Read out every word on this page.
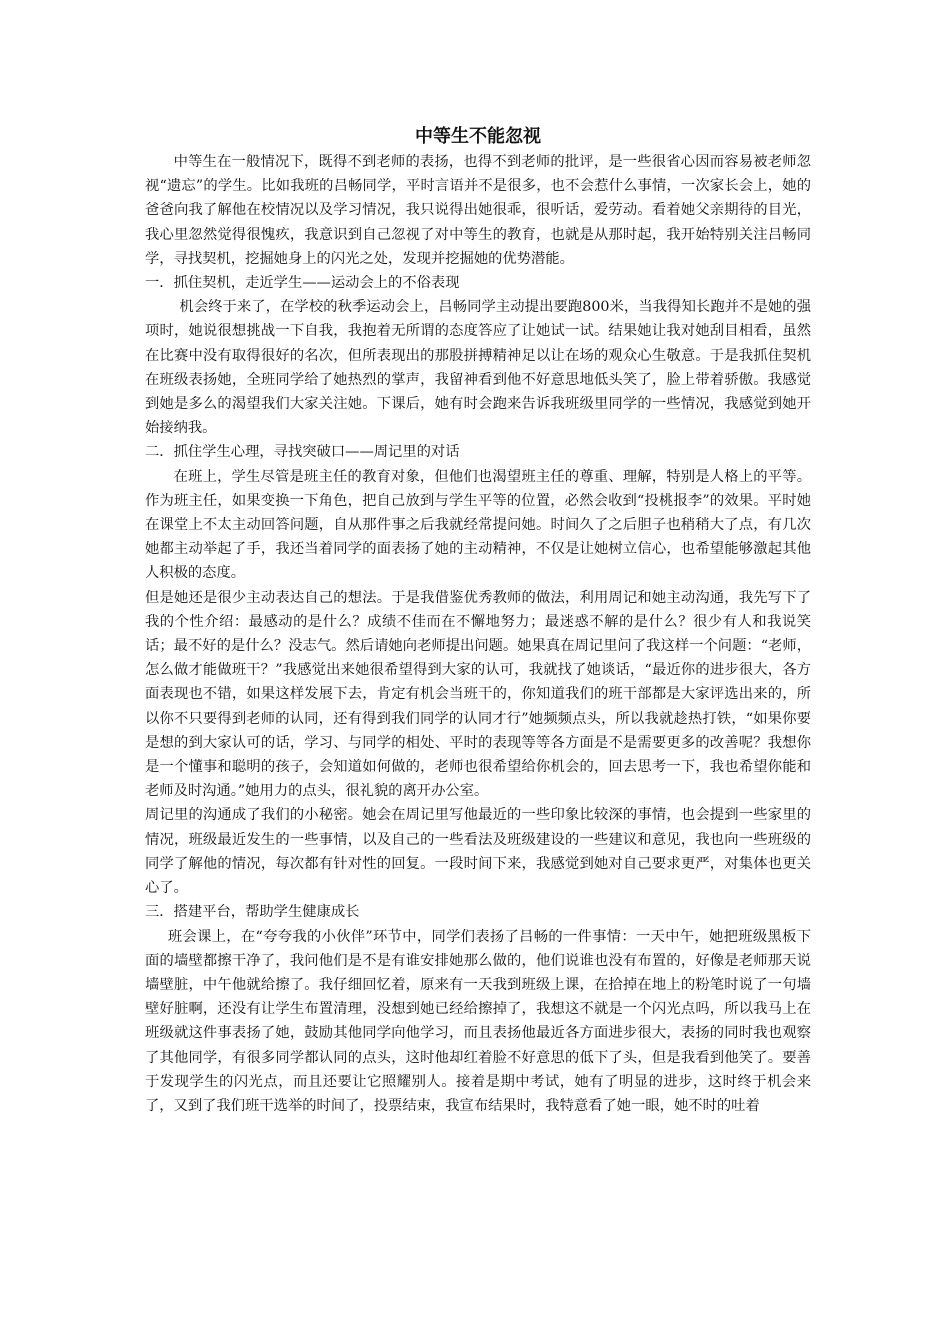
中等生不能忽视

中等生在一般情况下，既得不到老师的表扬，也得不到老师的批评，是一些很省心因而容易被老师忽视“遗忘”的学生。比如我班的吕畅同学，平时言语并不是很多，也不会惹什么事情，一次家长会上，她的爸爸向我了解他在校情况以及学习情况，我只说得出她很乖，很听话，爱劳动。看着她父亲期待的目光，我心里忽然觉得很愧疚，我意识到自己忽视了对中等生的教育，也就是从那时起，我开始特别关注吕畅同学，寻找契机，挖掘她身上的闪光之处，发现并挖掘她的优势潜能。

一．抓住契机，走近学生——运动会上的不俗表现

机会终于来了，在学校的秋季运动会上，吕畅同学主动提出要跑800米，当我得知长跑并不是她的强项时，她说很想挑战一下自我，我抱着无所谓的态度答应了让她试一试。结果她让我对她刮目相看，虽然在比赛中没有取得很好的名次，但所表现出的那股拼搏精神足以让在场的观众心生敬意。于是我抓住契机在班级表扬她，全班同学给了她热烈的掌声，我留神看到他不好意思地低头笑了，脸上带着骄傲。我感觉到她是多么的渴望我们大家关注她。下课后，她有时会跑来告诉我班级里同学的一些情况，我感觉到她开始接纳我。

二．抓住学生心理，寻找突破口——周记里的对话

在班上，学生尽管是班主任的教育对象，但他们也渴望班主任的尊重、理解，特别是人格上的平等。作为班主任，如果变换一下角色，把自己放到与学生平等的位置，必然会收到“投桃报李”的效果。平时她在课堂上不太主动回答问题，自从那件事之后我就经常提问她。时间久了之后胆子也稍稍大了点，有几次她都主动举起了手，我还当着同学的面表扬了她的主动精神，不仅是让她树立信心，也希望能够激起其他人积极的态度。

但是她还是很少主动表达自己的想法。于是我借鉴优秀教师的做法，利用周记和她主动沟通，我先写下了我的个性介绍：最感动的是什么？成绩不佳而在不懈地努力；最迷惑不解的是什么？很少有人和我说笑话；最不好的是什么？没志气。然后请她向老师提出问题。她果真在周记里问了我这样一个问题：“老师，怎么做才能做班干？”我感觉出来她很希望得到大家的认可，我就找了她谈话，“最近你的进步很大，各方面表现也不错，如果这样发展下去，肯定有机会当班干的，你知道我们的班干部都是大家评选出来的，所以你不只要得到老师的认同，还有得到我们同学的认同才行”她频频点头，所以我就趁热打铁，“如果你要是想的到大家认可的话，学习、与同学的相处、平时的表现等等各方面是不是需要更多的改善呢？我想你是一个懂事和聪明的孩子，会知道如何做的，老师也很希望给你机会的，回去思考一下，我也希望你能和老师及时沟通。”她用力的点头，很礼貌的离开办公室。

周记里的沟通成了我们的小秘密。她会在周记里写他最近的一些印象比较深的事情，也会提到一些家里的情况，班级最近发生的一些事情，以及自己的一些看法及班级建设的一些建议和意见，我也向一些班级的同学了解他的情况，每次都有针对性的回复。一段时间下来，我感觉到她对自己要求更严，对集体也更关心了。

三．搭建平台，帮助学生健康成长

班会课上，在“夸夸我的小伙伴”环节中，同学们表扬了吕畅的一件事情：一天中午，她把班级黑板下面的墙壁都擦干净了，我问他们是不是有谁安排她那么做的，他们说谁也没有布置的，好像是老师那天说墙壁脏，中午他就给擦了。我仔细回忆着，原来有一天我到班级上课，在拾掉在地上的粉笔时说了一句墙壁好脏啊，还没有让学生布置清理，没想到她已经给擦掉了，我想这不就是一个闪光点吗，所以我马上在班级就这件事表扬了她，鼓励其他同学向他学习，而且表扬他最近各方面进步很大，表扬的同时我也观察了其他同学，有很多同学都认同的点头，这时他却红着脸不好意思的低下了头，但是我看到他笑了。要善于发现学生的闪光点，而且还要让它照耀别人。接着是期中考试，她有了明显的进步，这时终于机会来了，又到了我们班干选举的时间了，投票结束，我宣布结果时，我特意看了她一眼，她不时的吐着
